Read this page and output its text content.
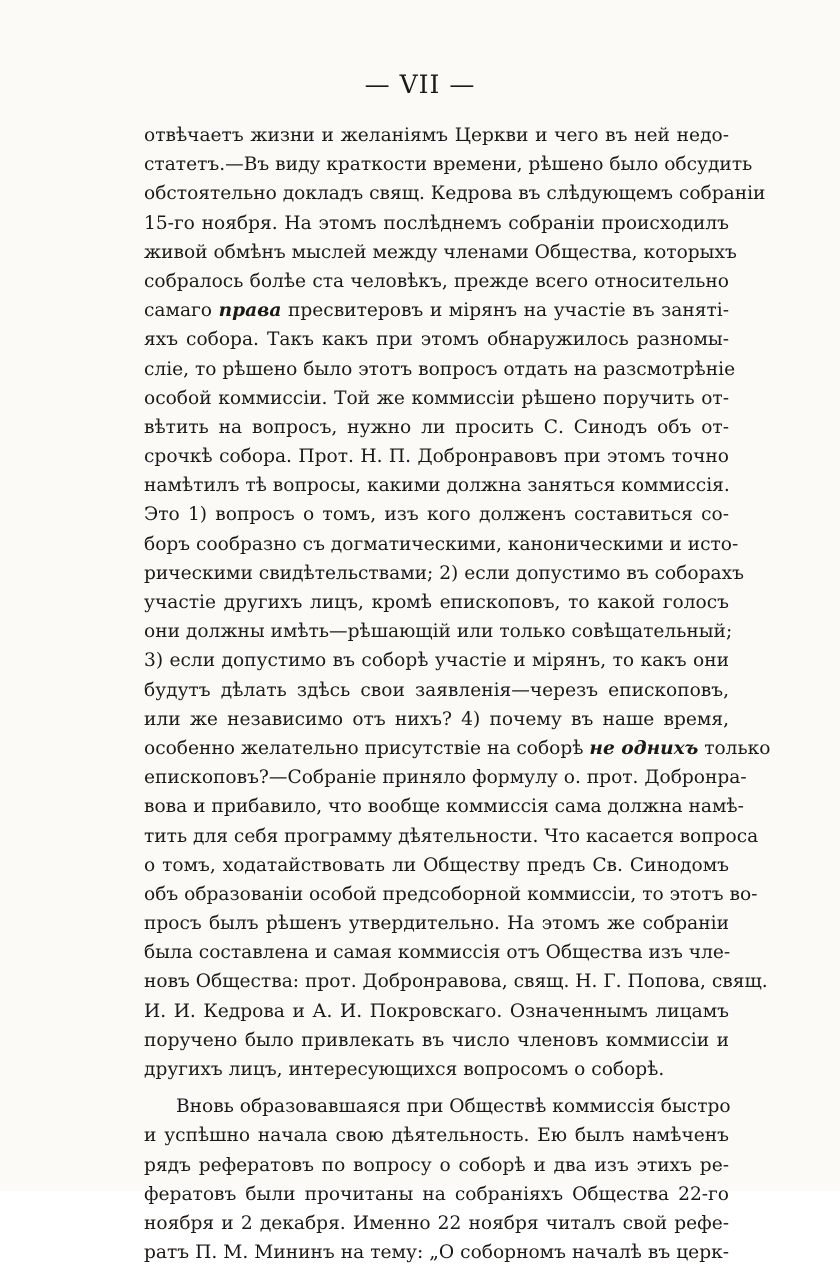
— VII —
отвѣчаетъ жизни и желаніямъ Церкви и чего въ ней недо-
статетъ.—Въ виду краткости времени, рѣшено было обсудить
обстоятельно докладъ свящ. Кедрова въ слѣдующемъ собраніи
15-го ноября. На этомъ послѣднемъ собраніи происходилъ
живой обмѣнъ мыслей между членами Общества, которыхъ
собралось болѣе ста человѣкъ, прежде всего относительно
самаго права пресвитеровъ и мірянъ на участіе въ заняті-
яхъ собора. Такъ какъ при этомъ обнаружилось разномы-
сліе, то рѣшено было этотъ вопросъ отдать на разсмотрѣніе
особой коммиссіи. Той же коммиссіи рѣшено поручить от-
вѣтить на вопросъ, нужно ли просить С. Синодъ объ от-
срочкѣ собора. Прот. Н. П. Добронравовъ при этомъ точно
намѣтилъ тѣ вопросы, какими должна заняться коммиссія.
Это 1) вопросъ о томъ, изъ кого долженъ составиться со-
боръ сообразно съ догматическими, каноническими и исто-
рическими свидѣтельствами; 2) если допустимо въ соборахъ
участіе другихъ лицъ, кромѣ епископовъ, то какой голосъ
они должны имѣть—рѣшающій или только совѣщательный;
3) если допустимо въ соборѣ участіе и мірянъ, то какъ они
будутъ дѣлать здѣсь свои заявленія—черезъ епископовъ,
или же независимо отъ нихъ? 4) почему въ наше время,
особенно желательно присутствіе на соборѣ не однихъ только
епископовъ?—Собраніе приняло формулу о. прот. Добронра-
вова и прибавило, что вообще коммиссія сама должна намѣ-
тить для себя программу дѣятельности. Что касается вопроса
о томъ, ходатайствовать ли Обществу предъ Св. Синодомъ
объ образованіи особой предсоборной коммиссіи, то этотъ во-
просъ былъ рѣшенъ утвердительно. На этомъ же собраніи
была составлена и самая коммиссія отъ Общества изъ чле-
новъ Общества: прот. Добронравова, свящ. Н. Г. Попова, свящ.
И. И. Кедрова и А. И. Покровскаго. Означеннымъ лицамъ
поручено было привлекать въ число членовъ коммиссіи и
другихъ лицъ, интересующихся вопросомъ о соборѣ.
Вновь образовавшаяся при Обществѣ коммиссія быстро
и успѣшно начала свою дѣятельность. Ею былъ намѣченъ
рядъ рефератовъ по вопросу о соборѣ и два изъ этихъ ре-
фератовъ были прочитаны на собраніяхъ Общества 22-го
ноября и 2 декабря. Именно 22 ноября читалъ свой рефе-
ратъ П. М. Мининъ на тему: „О соборномъ началѣ въ церк-
